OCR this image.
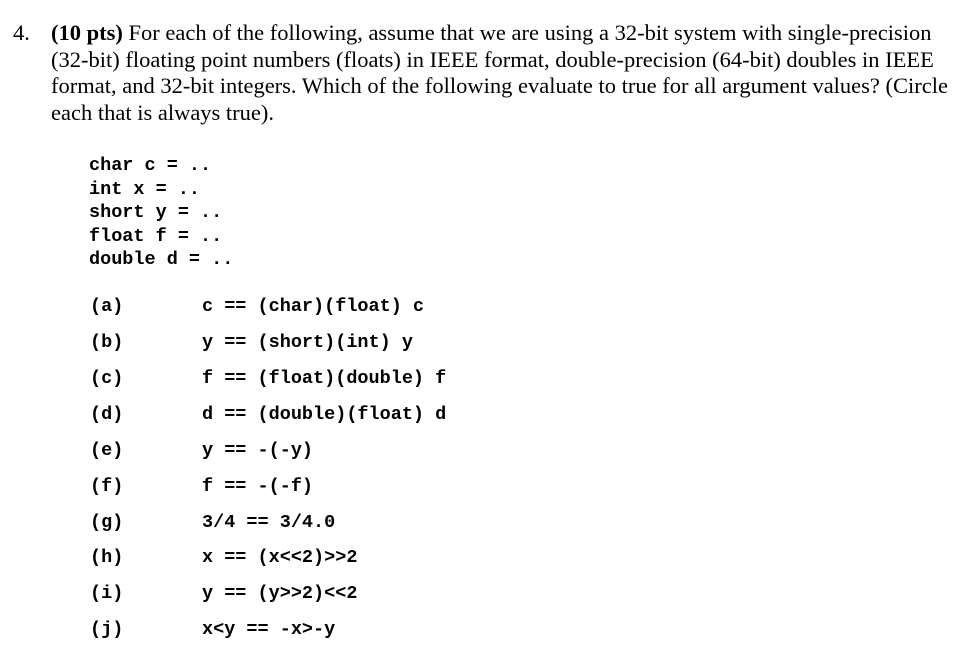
4. (10 pts) For each of the following, assume that we are using a 32-bit system with single-precision (32-bit) floating point numbers (floats) in IEEE format, double-precision (64-bit) doubles in IEEE format, and 32-bit integers. Which of the following evaluate to true for all argument values? (Circle each that is always true).
char c = ..
int x = ..
short y = ..
float f = ..
double d = ..
(a)	c == (char)(float) c
(b)	y == (short)(int) y
(c)	f == (float)(double) f
(d)	d == (double)(float) d
(e)	y == -(-y)
(f)	f == -(-f)
(g)	3/4 == 3/4.0
(h)	x == (x<<2)>>2
(i)	y == (y>>2)<<2
(j)	x<y == -x>-y
